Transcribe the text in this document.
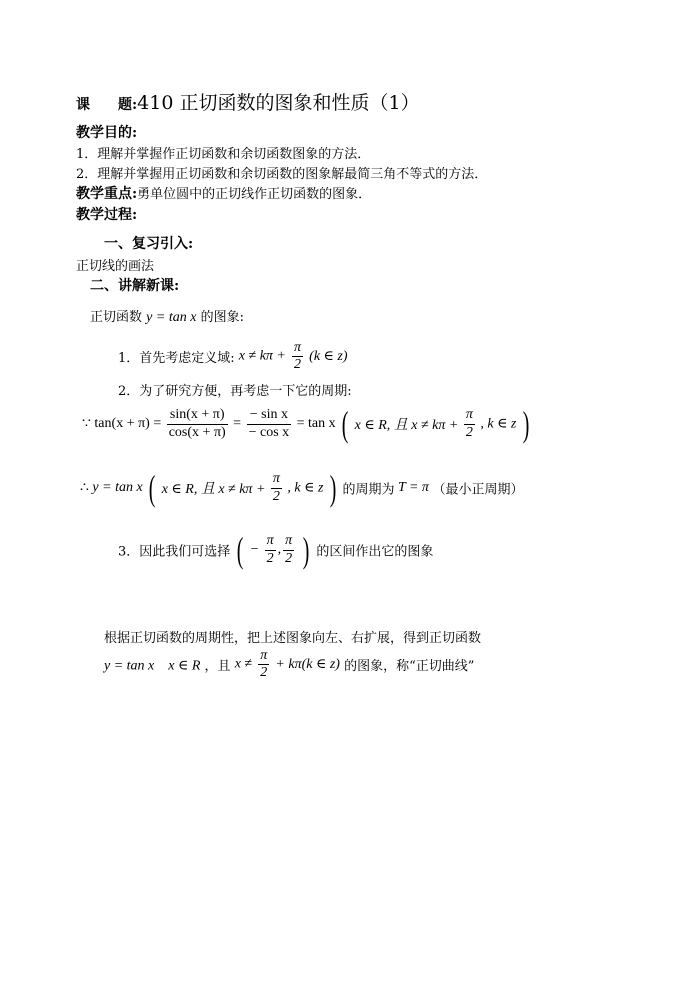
课　　题:410 正切函数的图象和性质（1）
教学目的:
1．理解并掌握作正切函数和余切函数图象的方法．
2．理解并掌握用正切函数和余切函数的图象解最简三角不等式的方法．
教学重点:勇单位圆中的正切线作正切函数的图象．
教学过程:
一、复习引入:
正切线的画法
二、讲解新课:
正切函数 y = tan x 的图象:
1．首先考虑定义域: $x \ne k\pi + \frac{\pi}{2} (k$ ∈ z)
2．为了研究方便，再考虑一下它的周期:
∵ $\tan(x + \pi) = \frac{\sin(x + \pi)}{\cos(x + \pi)} = \frac{\text{− sin x}}{\text{− cos x}} = \tan x$ ( x ∈ R, 且 $x \ne k\pi + \frac{\pi}{2}$ , k ∈ z )
∴ y = tan x ( x ∈ R, 且 $x \ne k\pi + \frac{\pi}{2}$ , k ∈ z ) 的周期为 T = π （最小正周期）
3．因此我们可选择 ( − $\frac{\pi}{2}$ , $\frac{\pi}{2}$ ) 的区间作出它的图象
根据正切函数的周期性，把上述图象向左、右扩展，得到正切函数
y = tan x　x ∈ R ，且 $x \ne \frac{\pi}{2} + k\pi(k$ ∈ z) 的图象，称“正切曲线”
